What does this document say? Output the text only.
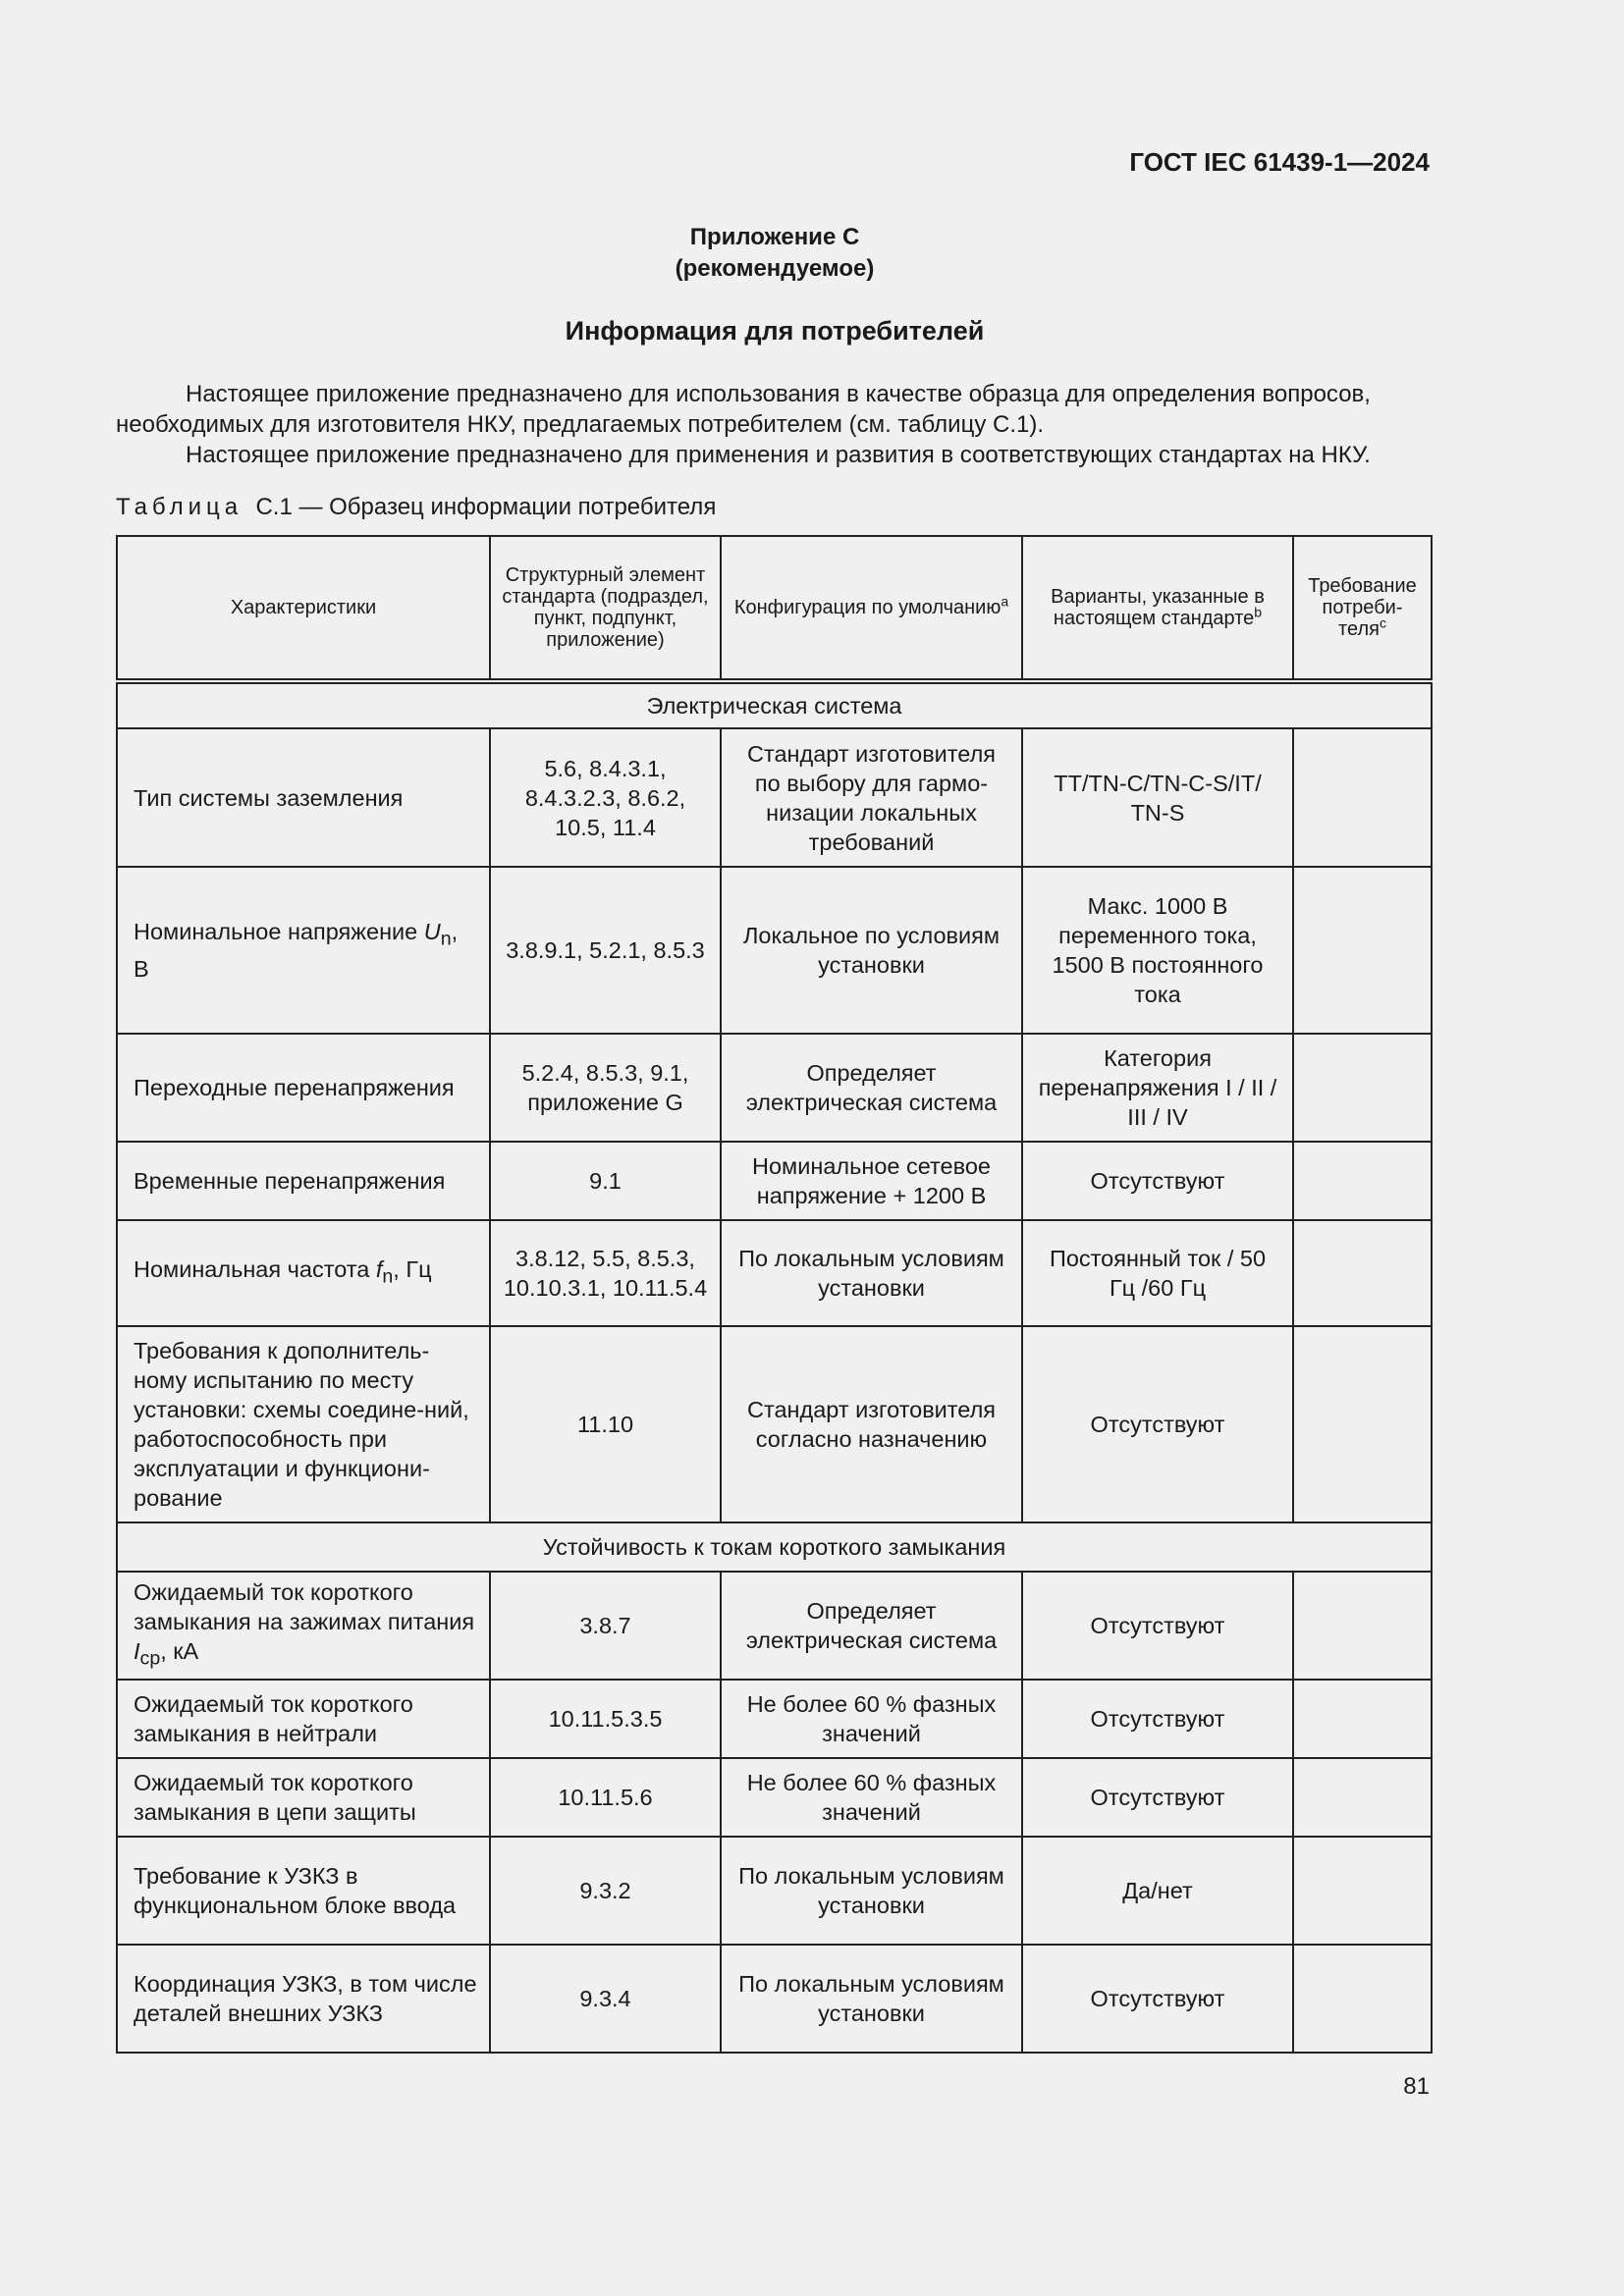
ГОСТ IEC 61439-1—2024
Приложение С
(рекомендуемое)
Информация для потребителей

Настоящее приложение предназначено для использования в качестве образца для определения вопросов, необходимых для изготовителя НКУ, предлагаемых потребителем (см. таблицу С.1).

Настоящее приложение предназначено для применения и развития в соответствующих стандартах на НКУ.

Таблица С.1 — Образец информации потребителя
Характеристики	Структурный элемент стандарта (подраздел, пункт, подпункт, приложение)	Конфигурация по умолчанию$^a$	Варианты, указанные в настоящем стандарте$^b$	Требование потреби-теля$^c$
Электрическая система				
Тип системы заземления	5.6, 8.4.3.1, 8.4.3.2.3, 8.6.2, 10.5, 11.4	Стандарт изготовителя по выбору для гармо-низации локальных требований	TT/TN-C/TN-C-S/IT/ TN-S	
Номинальное напряжение $U_n$, В	3.8.9.1, 5.2.1, 8.5.3	Локальное по условиям установки	Макс. 1000 В переменного тока, 1500 В постоянного тока	
Переходные перенапряжения	5.2.4, 8.5.3, 9.1, приложение G	Определяет электрическая система	Категория перенапряжения I / II / III / IV	
Временные перенапряжения	9.1	Номинальное сетевое напряжение + 1200 В	Отсутствуют	
Номинальная частота $f_n$, Гц	3.8.12, 5.5, 8.5.3, 10.10.3.1, 10.11.5.4	По локальным условиям установки	Постоянный ток / 50 Гц /60 Гц	
Требования к дополнитель-ному испытанию по месту установки: схемы соедине-ний, работоспособность при эксплуатации и функциони-рование	11.10	Стандарт изготовителя согласно назначению	Отсутствуют	
Устойчивость к токам короткого замыкания				
Ожидаемый ток короткого замыкания на зажимах питания $I_{cp}$, кА	3.8.7	Определяет электрическая система	Отсутствуют	
Ожидаемый ток короткого замыкания в нейтрали	10.11.5.3.5	Не более 60 % фазных значений	Отсутствуют	
Ожидаемый ток короткого замыкания в цепи защиты	10.11.5.6	Не более 60 % фазных значений	Отсутствуют	
Требование к УЗКЗ в функциональном блоке ввода	9.3.2	По локальным условиям установки	Да/нет	
Координация УЗКЗ, в том числе деталей внешних УЗКЗ	9.3.4	По локальным условиям установки	Отсутствуют	
81
